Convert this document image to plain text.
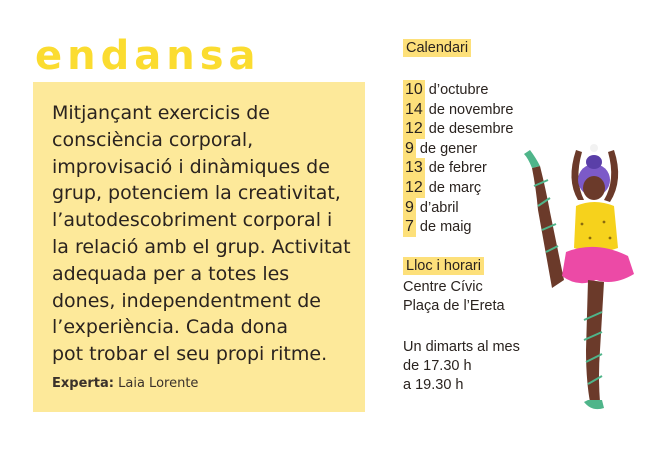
endansa

Mitjançant exercicis de
consciència corporal,
improvisació i dinàmiques de
grup, potenciem la creativitat,
l’autodescobriment corporal i
la relació amb el grup. Activitat
adequada per a totes les
dones, independentment de
l’experiència. Cada dona
pot trobar el seu propi ritme.

Experta: Laia Lorente
Calendari
10 d’octubre
14 de novembre
12 de desembre
9 de gener
13 de febrer
12 de març
9 d’abril
7 de maig
Lloc i horari
Centre Cívic
Plaça de l’Ereta
Un dimarts al mes
de 17.30 h
a 19.30 h
